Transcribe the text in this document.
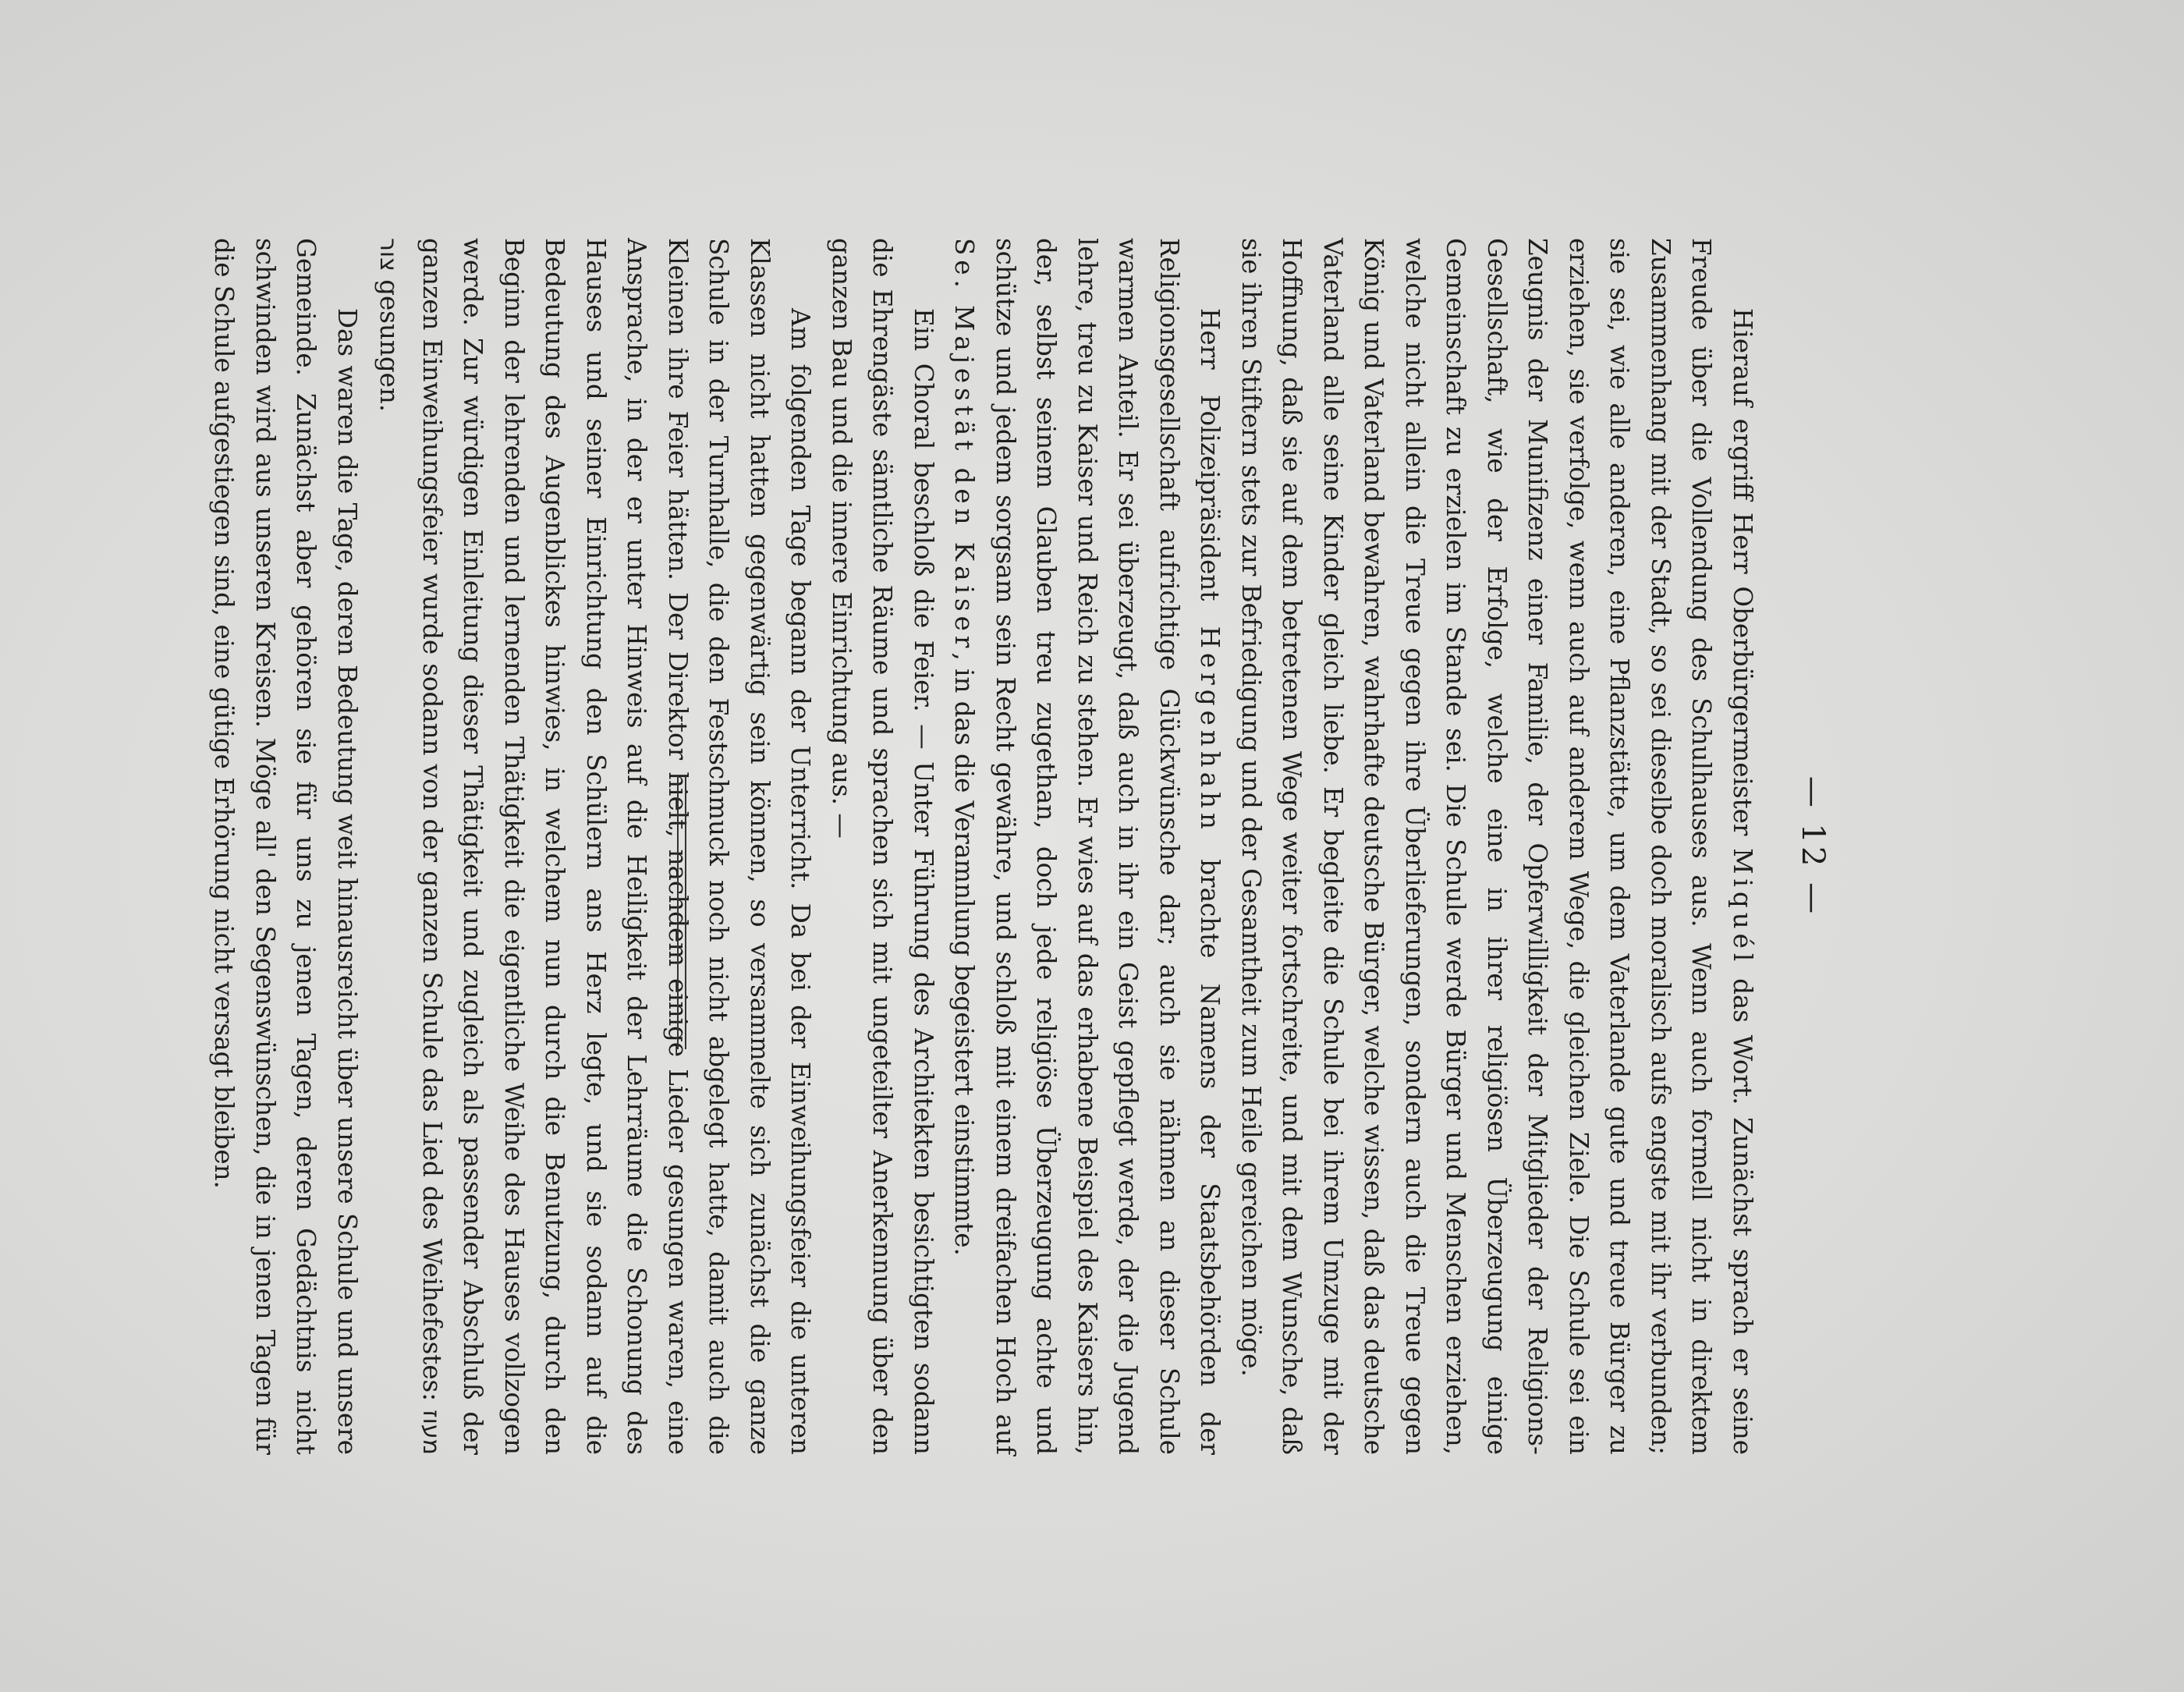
— 12 —

Hierauf ergriff Herr Oberbürgermeister Miquél das Wort. Zunächst sprach er seine Freude über die Vollendung des Schulhauses aus. Wenn auch formell nicht in direktem Zusammenhang mit der Stadt, so sei dieselbe doch moralisch aufs engste mit ihr verbunden; sie sei, wie alle anderen, eine Pflanzstätte, um dem Vaterlande gute und treue Bürger zu erziehen, sie verfolge, wenn auch auf anderem Wege, die gleichen Ziele. Die Schule sei ein Zeugnis der Munifizenz einer Familie, der Opferwilligkeit der Mitglieder der Religions-Gesellschaft, wie der Erfolge, welche eine in ihrer religiösen Überzeugung einige Gemeinschaft zu erzielen im Stande sei. Die Schule werde Bürger und Menschen erziehen, welche nicht allein die Treue gegen ihre Überlieferungen, sondern auch die Treue gegen König und Vaterland bewahren, wahrhafte deutsche Bürger, welche wissen, daß das deutsche Vaterland alle seine Kinder gleich liebe. Er begleite die Schule bei ihrem Umzuge mit der Hoffnung, daß sie auf dem betretenen Wege weiter fortschreite, und mit dem Wunsche, daß sie ihren Stiftern stets zur Befriedigung und der Gesamtheit zum Heile gereichen möge.

Herr Polizeipräsident Hergenhahn brachte Namens der Staatsbehörden der Religionsgesellschaft aufrichtige Glückwünsche dar; auch sie nähmen an dieser Schule warmen Anteil. Er sei überzeugt, daß auch in ihr ein Geist gepflegt werde, der die Jugend lehre, treu zu Kaiser und Reich zu stehen. Er wies auf das erhabene Beispiel des Kaisers hin, der, selbst seinem Glauben treu zugethan, doch jede religiöse Überzeugung achte und schütze und jedem sorgsam sein Recht gewähre, und schloß mit einem dreifachen Hoch auf Se. Majestät den Kaiser, in das die Veramnlung begeistert einstimmte.

Ein Choral beschloß die Feier. — Unter Führung des Architekten besichtigten sodann die Ehrengäste sämtliche Räume und sprachen sich mit ungeteilter Anerkennung über den ganzen Bau und die innere Einrichtung aus. —

Am folgenden Tage begann der Unterricht. Da bei der Einweihungsfeier die unteren Klassen nicht hatten gegenwärtig sein können, so versammelte sich zunächst die ganze Schule in der Turnhalle, die den Festschmuck noch nicht abgelegt hatte, damit auch die Kleinen ihre Feier hätten. Der Direktor hielt, nachdem einige Lieder gesungen waren, eine Ansprache, in der er unter Hinweis auf die Heiligkeit der Lehrräume die Schonung des Hauses und seiner Einrichtung den Schülern ans Herz legte, und sie sodann auf die Bedeutung des Augenblickes hinwies, in welchem nun durch die Benutzung, durch den Beginn der lehrenden und lernenden Thätigkeit die eigentliche Weihe des Hauses vollzogen werde. Zur würdigen Einleitung dieser Thätigkeit und zugleich als passender Abschluß der ganzen Einweihungsfeier wurde sodann von der ganzen Schule das Lied des Weihefestes: מעוז צור gesungen.

Das waren die Tage, deren Bedeutung weit hinausreicht über unsere Schule und unsere Gemeinde. Zunächst aber gehören sie für uns zu jenen Tagen, deren Gedächtnis nicht schwinden wird aus unseren Kreisen. Möge all' den Segenswünschen, die in jenen Tagen für die Schule aufgestiegen sind, eine gütige Erhörung nicht versagt bleiben.
